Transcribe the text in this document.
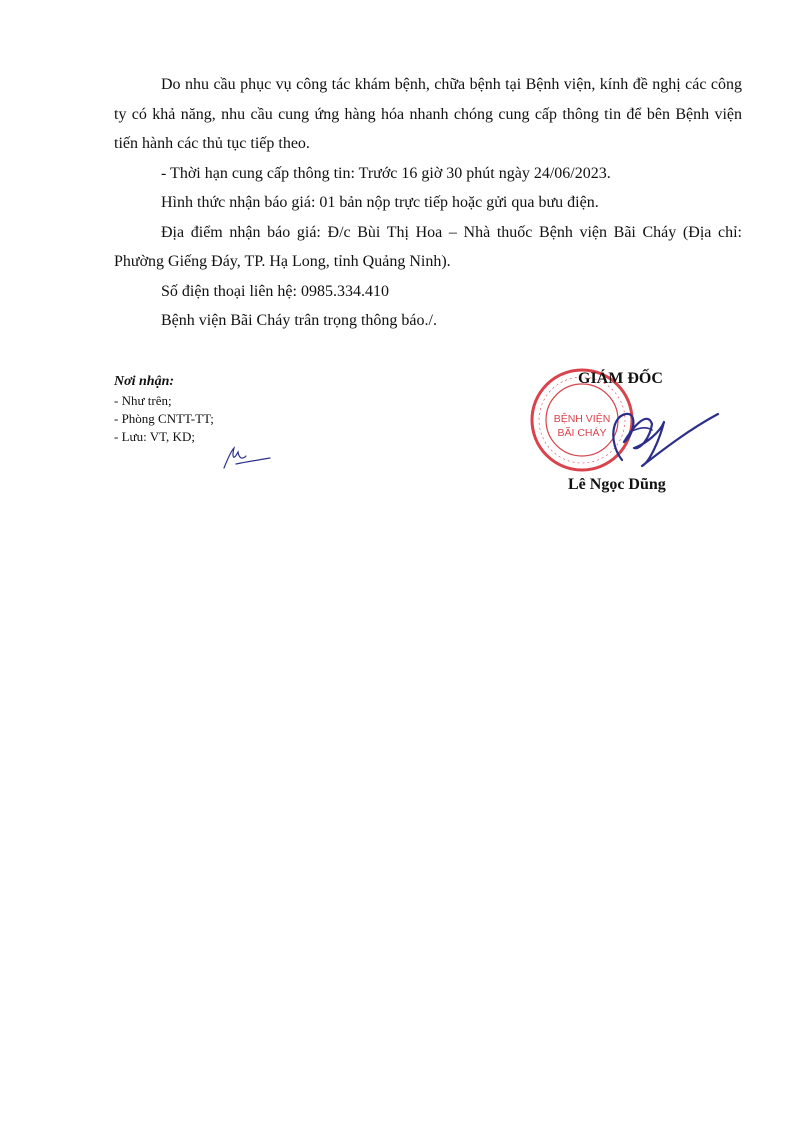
Do nhu cầu phục vụ công tác khám bệnh, chữa bệnh tại Bệnh viện, kính đề nghị các công ty có khả năng, nhu cầu cung ứng hàng hóa nhanh chóng cung cấp thông tin để bên Bệnh viện tiến hành các thủ tục tiếp theo.

- Thời hạn cung cấp thông tin: Trước 16 giờ 30 phút ngày 24/06/2023.

Hình thức nhận báo giá: 01 bản nộp trực tiếp hoặc gửi qua bưu điện.

Địa điểm nhận báo giá: Đ/c Bùi Thị Hoa – Nhà thuốc Bệnh viện Bãi Cháy (Địa chỉ: Phường Giếng Đáy, TP. Hạ Long, tỉnh Quảng Ninh).

Số điện thoại liên hệ: 0985.334.410

Bệnh viện Bãi Cháy trân trọng thông báo./.

Nơi nhận:
- Như trên;
- Phòng CNTT-TT;
- Lưu: VT, KD;
BỆNH VIỆN
BÃI CHÁY
GIÁM ĐỐC
Lê Ngọc Dũng
